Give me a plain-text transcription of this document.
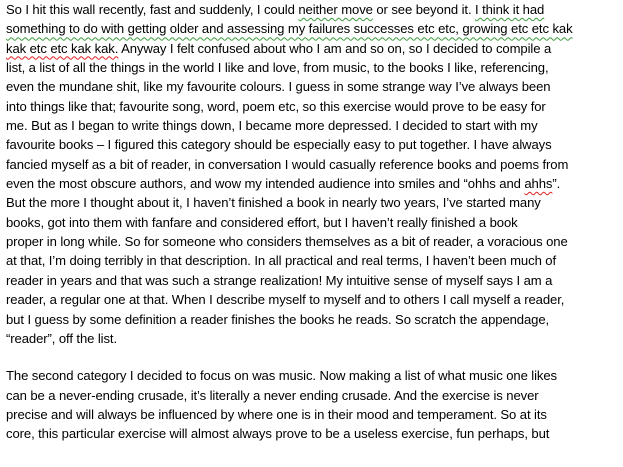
So I hit this wall recently, fast and suddenly, I could neither move or see beyond it. I think it had
something to do with getting older and assessing my failures successes etc etc, growing etc etc kak
kak etc etc kak kak. Anyway I felt confused about who I am and so on, so I decided to compile a
list, a list of all the things in the world I like and love, from music, to the books I like, referencing,
even the mundane shit, like my favourite colours. I guess in some strange way I’ve always been
into things like that; favourite song, word, poem etc, so this exercise would prove to be easy for
me. But as I began to write things down, I became more depressed. I decided to start with my
favourite books – I figured this category should be especially easy to put together. I have always
fancied myself as a bit of reader, in conversation I would casually reference books and poems from
even the most obscure authors, and wow my intended audience into smiles and “ohhs and ahhs”.
But the more I thought about it, I haven’t finished a book in nearly two years, I’ve started many
books, got into them with fanfare and considered effort, but I haven’t really finished a book
proper in long while. So for someone who considers themselves as a bit of reader, a voracious one
at that, I’m doing terribly in that description. In all practical and real terms, I haven’t been much of
reader in years and that was such a strange realization! My intuitive sense of myself says I am a
reader, a regular one at that. When I describe myself to myself and to others I call myself a reader,
but I guess by some definition a reader finishes the books he reads. So scratch the appendage,
“reader”, off the list.
The second category I decided to focus on was music. Now making a list of what music one likes
can be a never-ending crusade, it’s literally a never ending crusade. And the exercise is never
precise and will always be influenced by where one is in their mood and temperament. So at its
core, this particular exercise will almost always prove to be a useless exercise, fun perhaps, but
